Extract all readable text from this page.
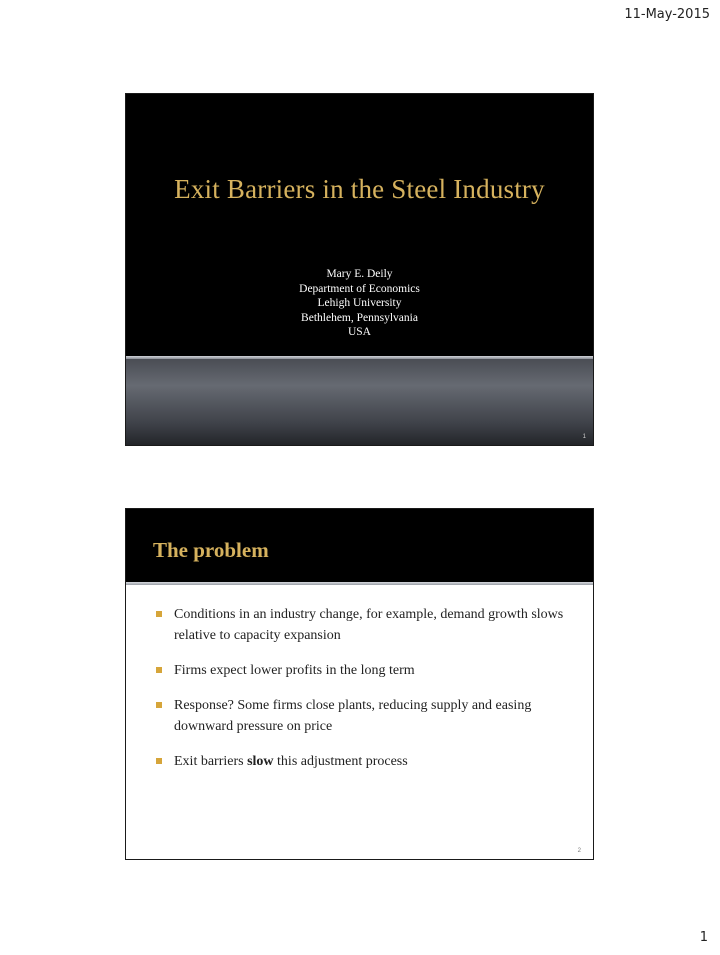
11-May-2015
Exit Barriers in the Steel Industry
Mary E. Deily
Department of Economics
Lehigh University
Bethlehem, Pennsylvania
USA
1
The problem
Conditions in an industry change, for example, demand growth slows relative to capacity expansion
Firms expect lower profits in the long term
Response? Some firms close plants, reducing supply and easing downward pressure on price
Exit barriers slow this adjustment process
2
1
